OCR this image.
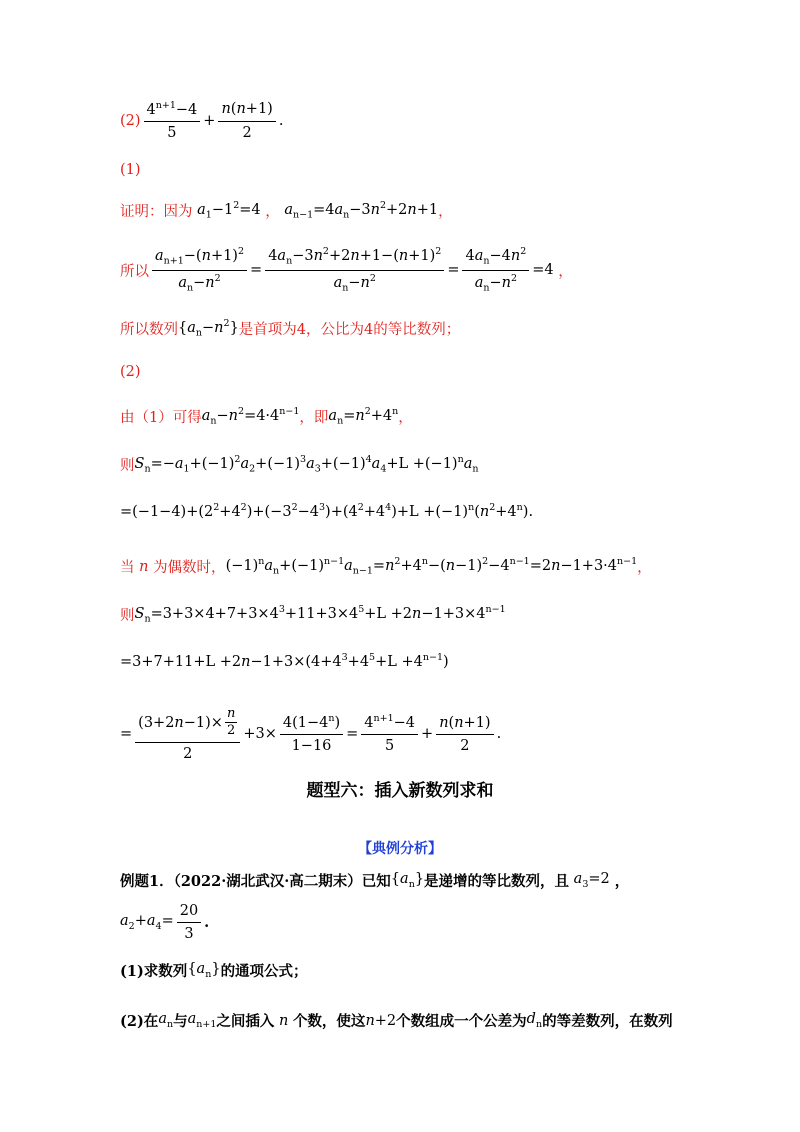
$(2) \frac{4^{n+1}-4}{5} + \frac{n(n+1)}{2}$ .
(1)
证明：因为 $a_1-1^2=4$ ， $a_{n-1}=4a_n-3n^2+2n+1$ ，
所以 $\frac{a_{n+1}-(n+1)^2}{a_n-n^2} = \frac{4a_n-3n^2+2n+1-(n+1)^2}{a_n-n^2} = \frac{4a_n-4n^2}{a_n-n^2} =4$ ，
所以数列 $\{a_n-n^2\}$ 是首项为4，公比为4的等比数列；
(2)
由（1）可得 $a_n-n^2=4\cdot 4^{n-1}$ ，即 $a_n=n^2+4^n$ ，
则 $S_n=-a_1+(-1)^2a_2+(-1)^3a_3+(-1)^4a_4+L +(-1)^na_n$
$=(-1-4)+(2^2+4^2)+(-3^2-4^3)+(4^2+4^4)+L +(-1)^n(n^2+4^n)$.
当 n 为偶数时， $(-1)^na_n+(-1)^{n-1}a_{n-1}=n^2+4^n-(n-1)^2-4^{n-1}=2n-1+3\cdot 4^{n-1}$ ，
则 $S_n=3+3\times 4+7+3\times 4^3+11+3\times 4^5+L +2n-1+3\times 4^{n-1}$
$=3+7+11+L +2n-1+3\times(4+4^3+4^5+L +4^{n-1})$
= $\frac{(3+2n-1)\times \frac{n}{2}}{2} +3\times \frac{4(1-4^n)}{1-16} = \frac{4^{n+1}-4}{5} + \frac{n(n+1)}{2}$ .
题型六：插入新数列求和
【典例分析】
例题1．（2022·湖北武汉·高二期末）已知 $\{a_n\}$ 是递增的等比数列，且 $a_3=2$ ，
$a_2+a_4= \frac{20}{3}$ .
(1)求数列 $\{a_n\}$ 的通项公式；
(2)在 $a_n$ 与 $a_{n+1}$ 之间插入 n 个数，使这 n+2 个数组成一个公差为 $d_n$ 的等差数列，在数列
